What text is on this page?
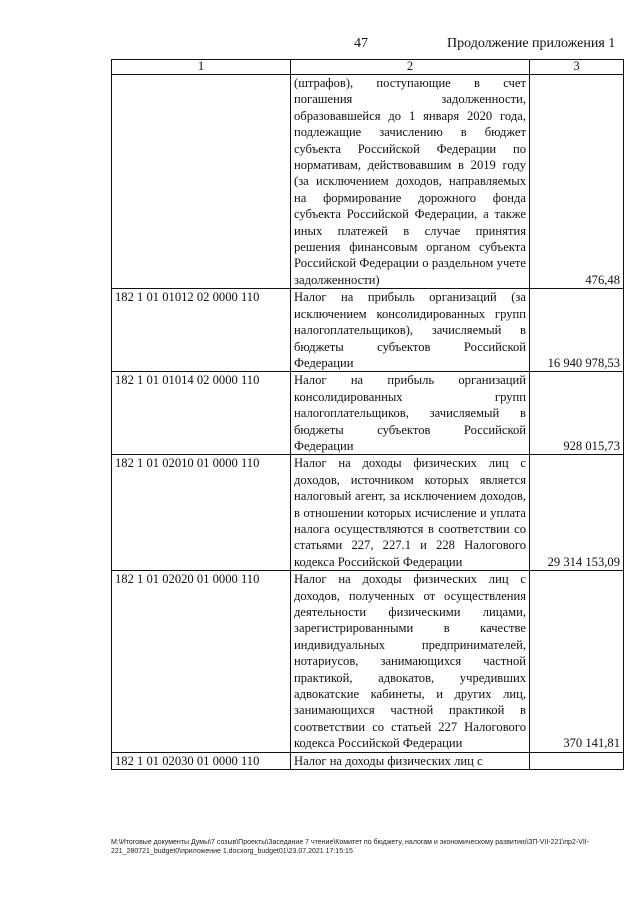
47	Продолжение приложения 1
1	2	3
	(штрафов), поступающие в счет погашения задолженности, образовавшейся до 1 января 2020 года, подлежащие зачислению в бюджет субъекта Российской Федерации по нормативам, действовавшим в 2019 году (за исключением доходов, направляемых на формирование дорожного фонда субъекта Российской Федерации, а также иных платежей в случае принятия решения финансовым органом субъекта Российской Федерации о раздельном учете задолженности)	476,48
182 1 01 01012 02 0000 110	Налог на прибыль организаций (за исключением консолидированных групп налогоплательщиков), зачисляемый в бюджеты субъектов Российской Федерации	16 940 978,53
182 1 01 01014 02 0000 110	Налог на прибыль организаций консолидированных групп налогоплательщиков, зачисляемый в бюджеты субъектов Российской Федерации	928 015,73
182 1 01 02010 01 0000 110	Налог на доходы физических лиц с доходов, источником которых является налоговый агент, за исключением доходов, в отношении которых исчисление и уплата налога осуществляются в соответствии со статьями 227, 227.1 и 228 Налогового кодекса Российской Федерации	29 314 153,09
182 1 01 02020 01 0000 110	Налог на доходы физических лиц с доходов, полученных от осуществления деятельности физическими лицами, зарегистрированными в качестве индивидуальных предпринимателей, нотариусов, занимающихся частной практикой, адвокатов, учредивших адвокатские кабинеты, и других лиц, занимающихся частной практикой в соответствии со статьей 227 Налогового кодекса Российской Федерации	370 141,81
182 1 01 02030 01 0000 110	Налог на доходы физических лиц с	
M:\Итоговые документы Думы\7 созыв\Проекты\Заседание 7 чтение\Комитет по бюджету, налогам и экономическому развитию\ЗП-VII-221\пр2-VII-221_280721_budget0\приложение 1.docxorg_budget01\23.07.2021 17:15:15
